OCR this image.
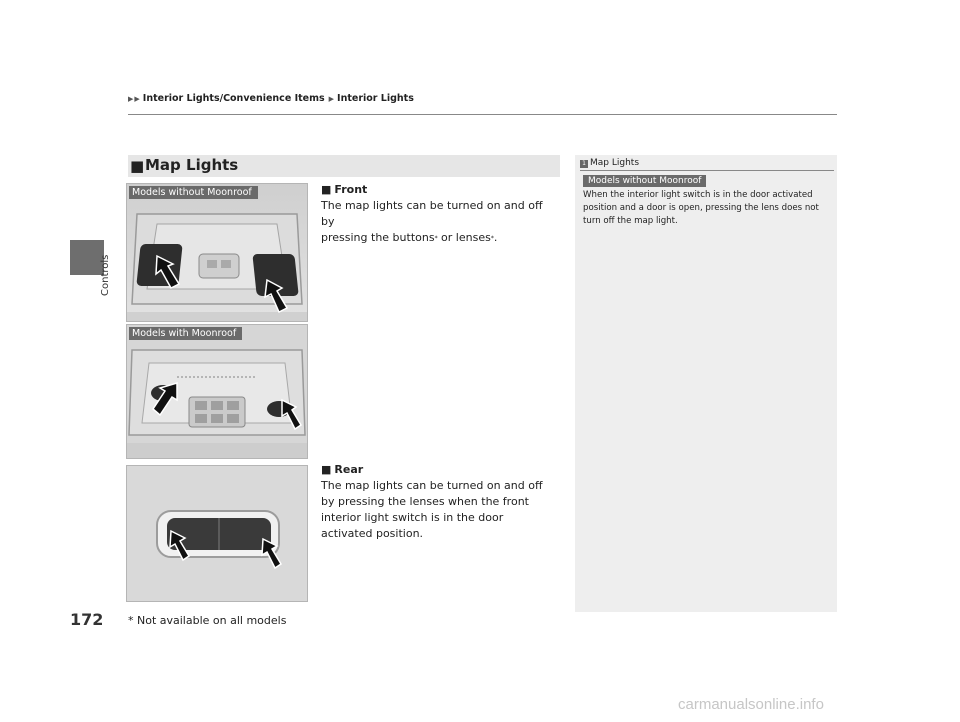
▶ ▶ Interior Lights/Convenience Items ▶ Interior Lights
Controls
172 * Not available on all models
■ Map Lights
Models without Moonroof
Models with Moonroof
■ Front
The map lights can be turned on and off by
pressing the buttons* or lenses*.
■ Rear
The map lights can be turned on and off by pressing the lenses when the front interior light switch is in the door activated position.
1 Map Lights
Models without Moonroof
When the interior light switch is in the door activated position and a door is open, pressing the lens does not turn off the map light.
carmanualsonline.info
